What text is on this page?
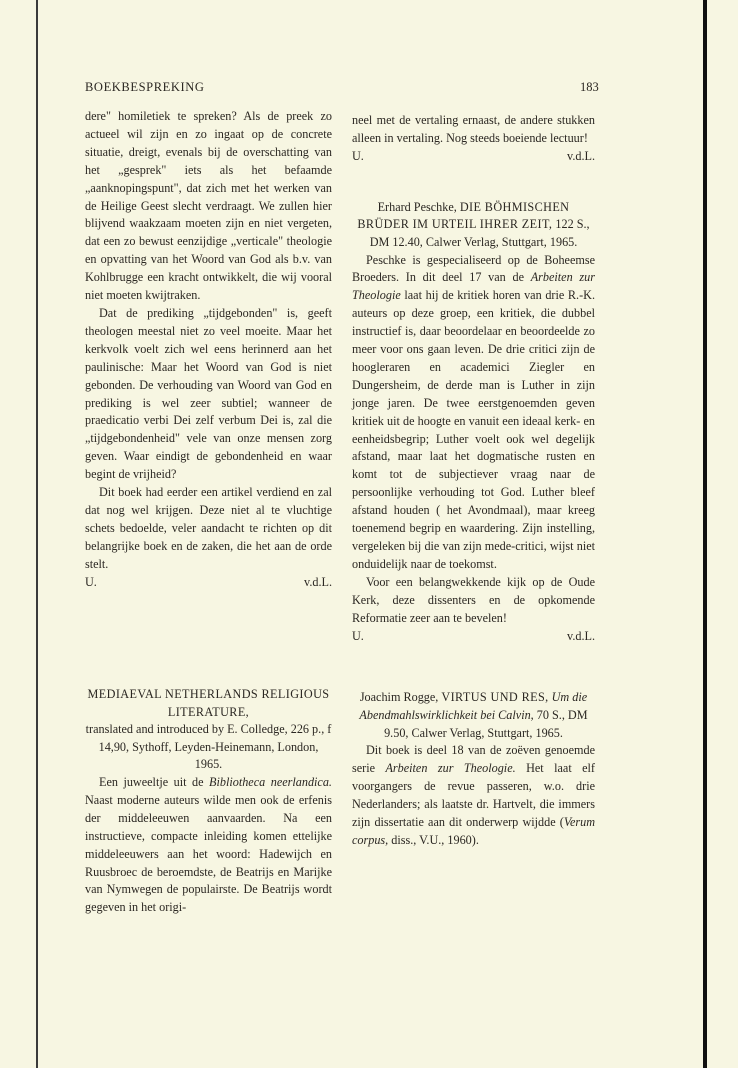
BOEKBESPREKING	183

dere" homiletiek te spreken? Als de preek zo actueel wil zijn en zo ingaat op de concrete situatie, dreigt, evenals bij de overschatting van het „gesprek" iets als het befaamde „aanknopingspunt", dat zich met het werken van de Heilige Geest slecht verdraagt. We zullen hier blijvend waakzaam moeten zijn en niet vergeten, dat een zo bewust eenzijdige „verticale" theologie en opvatting van het Woord van God als b.v. van Kohlbrugge een kracht ontwikkelt, die wij vooral niet moeten kwijtraken.

Dat de prediking „tijdgebonden" is, geeft theologen meestal niet zo veel moeite. Maar het kerkvolk voelt zich wel eens herinnerd aan het paulinische: Maar het Woord van God is niet gebonden. De verhouding van Woord van God en prediking is wel zeer subtiel; wanneer de praedicatio verbi Dei zelf verbum Dei is, zal die „tijdgebondenheid" vele van onze mensen zorg geven. Waar eindigt de gebondenheid en waar begint de vrijheid?

Dit boek had eerder een artikel verdiend en zal dat nog wel krijgen. Deze niet al te vluchtige schets bedoelde, veler aandacht te richten op dit belangrijke boek en de zaken, die het aan de orde stelt.

U.	v.d.L.
MEDIAEVAL NETHERLANDS RELIGIOUS LITERATURE,
translated and introduced by E. Colledge, 226 p., f 14,90, Sythoff, Leyden-Heinemann, London, 1965.

Een juweeltje uit de Bibliotheca neerlandica. Naast moderne auteurs wilde men ook de erfenis der middeleeuwen aanvaarden. Na een instructieve, compacte inleiding komen ettelijke middeleeuwers aan het woord: Hadewijch en Ruusbroec de beroemdste, de Beatrijs en Marijke van Nymwegen de populairste. De Beatrijs wordt gegeven in het origi-

neel met de vertaling ernaast, de andere stukken alleen in vertaling. Nog steeds boeiende lectuur!

U.	v.d.L.
Erhard Peschke, DIE BÖHMISCHEN BRÜDER IM URTEIL IHRER ZEIT, 122 S., DM 12.40, Calwer Verlag, Stuttgart, 1965.

Peschke is gespecialiseerd op de Boheemse Broeders. In dit deel 17 van de Arbeiten zur Theologie laat hij de kritiek horen van drie R.-K. auteurs op deze groep, een kritiek, die dubbel instructief is, daar beoordelaar en beoordeelde zo meer voor ons gaan leven. De drie critici zijn de hoogleraren en academici Ziegler en Dungersheim, de derde man is Luther in zijn jonge jaren. De twee eerstgenoemden geven kritiek uit de hoogte en vanuit een ideaal kerk- en eenheidsbegrip; Luther voelt ook wel degelijk afstand, maar laat het dogmatische rusten en komt tot de subjectiever vraag naar de persoonlijke verhouding tot God. Luther bleef afstand houden ( het Avondmaal), maar kreeg toenemend begrip en waardering. Zijn instelling, vergeleken bij die van zijn mede-critici, wijst niet onduidelijk naar de toekomst.

Voor een belangwekkende kijk op de Oude Kerk, deze dissenters en de opkomende Reformatie zeer aan te bevelen!

U.	v.d.L.
Joachim Rogge, VIRTUS UND RES, Um die Abendmahlswirklichkeit bei Calvin, 70 S., DM 9.50, Calwer Verlag, Stuttgart, 1965.

Dit boek is deel 18 van de zoëven genoemde serie Arbeiten zur Theologie. Het laat elf voorgangers de revue passeren, w.o. drie Nederlanders; als laatste dr. Hartvelt, die immers zijn dissertatie aan dit onderwerp wijdde (Verum corpus, diss., V.U., 1960).
